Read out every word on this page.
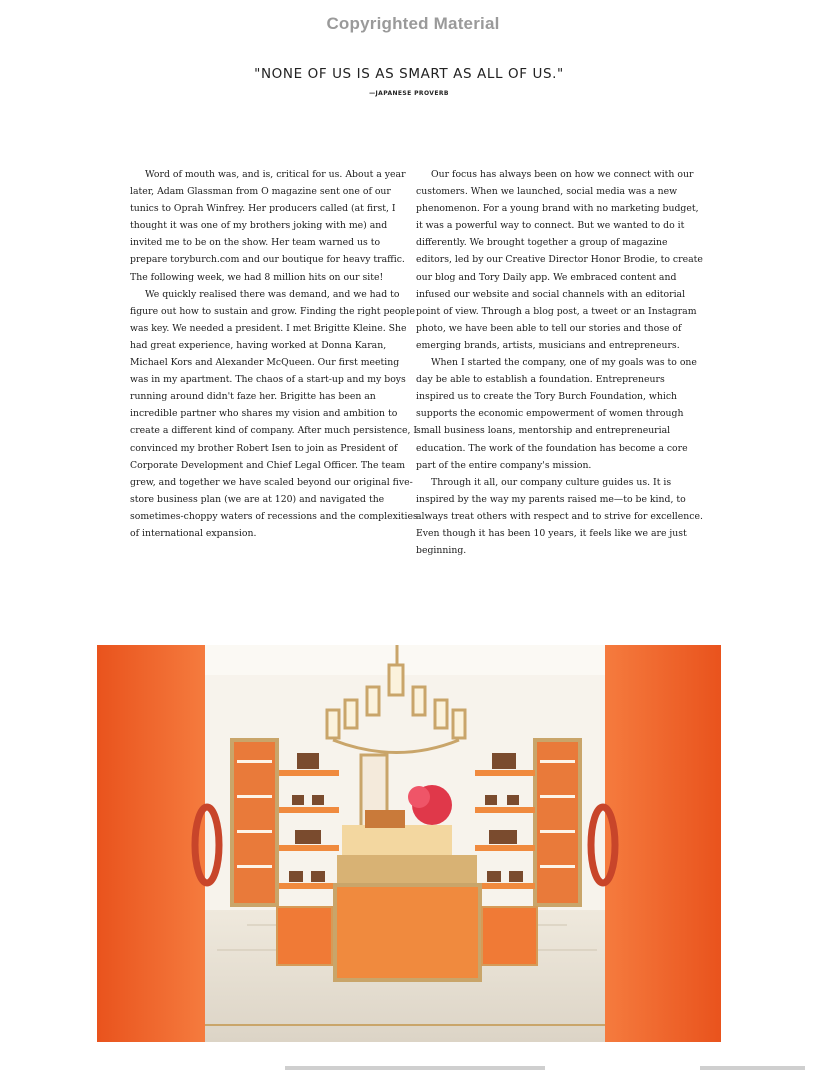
Copyrighted Material
"NONE OF US IS AS SMART AS ALL OF US."
—JAPANESE PROVERB

Word of mouth was, and is, critical for us. About a year later, Adam Glassman from O magazine sent one of our tunics to Oprah Winfrey. Her producers called (at first, I thought it was one of my brothers joking with me) and invited me to be on the show. Her team warned us to prepare toryburch.com and our boutique for heavy traffic. The following week, we had 8 million hits on our site!

We quickly realised there was demand, and we had to figure out how to sustain and grow. Finding the right people was key. We needed a president. I met Brigitte Kleine. She had great experience, having worked at Donna Karan, Michael Kors and Alexander McQueen. Our first meeting was in my apartment. The chaos of a start-up and my boys running around didn't faze her. Brigitte has been an incredible partner who shares my vision and ambition to create a different kind of company. After much persistence, I convinced my brother Robert Isen to join as President of Corporate Development and Chief Legal Officer. The team grew, and together we have scaled beyond our original five-store business plan (we are at 120) and navigated the sometimes-choppy waters of recessions and the complexities of international expansion.

Our focus has always been on how we connect with our customers. When we launched, social media was a new phenomenon. For a young brand with no marketing budget, it was a powerful way to connect. But we wanted to do it differently. We brought together a group of magazine editors, led by our Creative Director Honor Brodie, to create our blog and Tory Daily app. We embraced content and infused our website and social channels with an editorial point of view. Through a blog post, a tweet or an Instagram photo, we have been able to tell our stories and those of emerging brands, artists, musicians and entrepreneurs.

When I started the company, one of my goals was to one day be able to establish a foundation. Entrepreneurs inspired us to create the Tory Burch Foundation, which supports the economic empowerment of women through small business loans, mentorship and entrepreneurial education. The work of the foundation has become a core part of the entire company's mission.

Through it all, our company culture guides us. It is inspired by the way my parents raised me—to be kind, to always treat others with respect and to strive for excellence. Even though it has been 10 years, it feels like we are just beginning.
